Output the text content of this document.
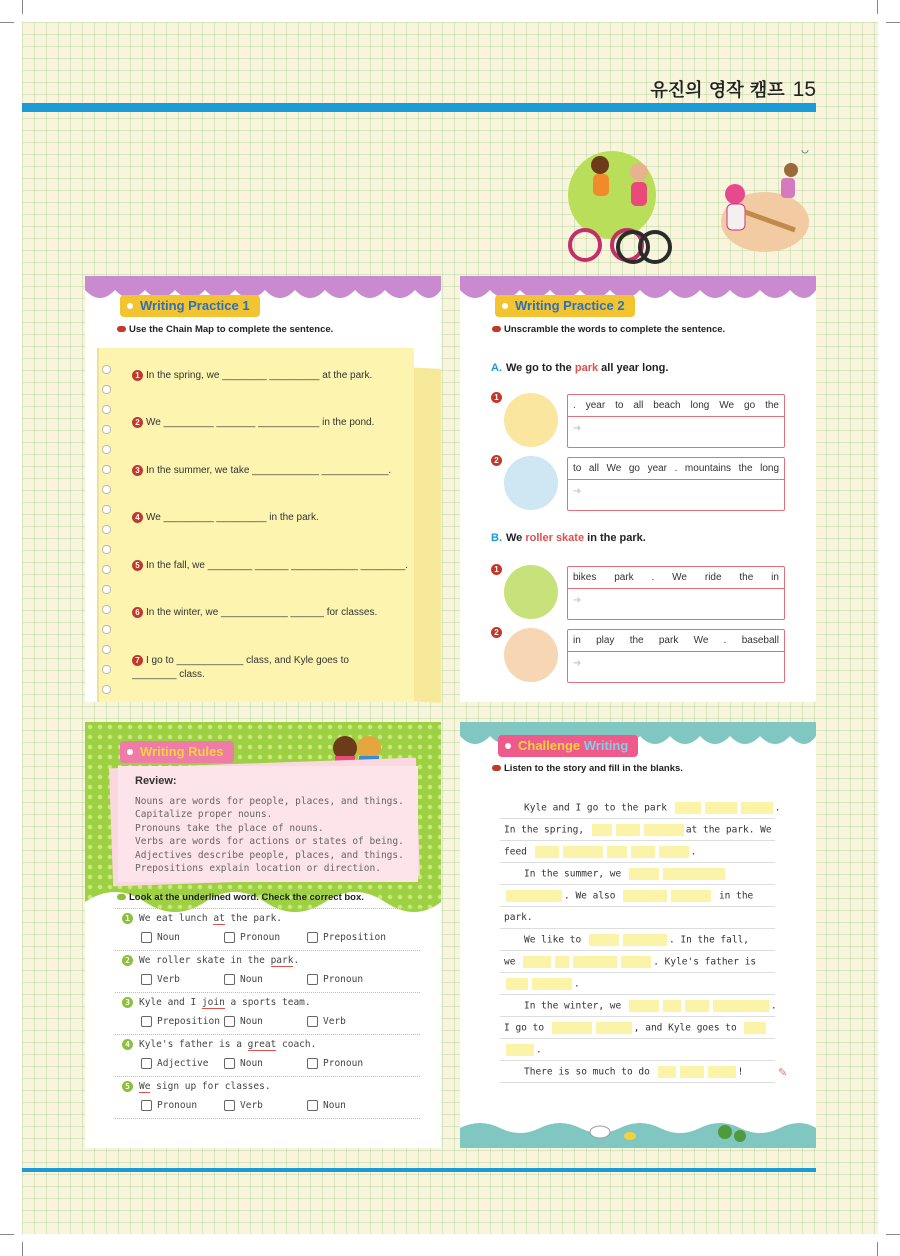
유진의 영작 캠프 15
Writing Practice 1
Use the Chain Map to complete the sentence.
1 In the spring, we ________ _________ at the park.
2 We _________ _______ ___________ in the pond.
3 In the summer, we take ____________ ____________.
4 We _________ _________ in the park.
5 In the fall, we ________ ______ ____________ ________.
6 In the winter, we ____________ ______ for classes.
7 I go to ____________ class, and Kyle goes to ________ class.
Writing Practice 2
Unscramble the words to complete the sentence.
A. We go to the park all year long.
B. We roller skate in the park.
1
2
1
2
. year to all beach long We go the
➜
to all We go year . mountains the long
➜
bikes park . We ride the in
➜
in play the park We . baseball
➜
Writing Rules
Review:
Nouns are words for people, places, and things.
Capitalize proper nouns.
Pronouns take the place of nouns.
Verbs are words for actions or states of being.
Adjectives describe people, places, and things.
Prepositions explain location or direction.
Look at the underlined word. Check the correct box.
1 We eat lunch at the park.
Noun	Pronoun	Preposition
2 We roller skate in the park.
Verb	Noun	Pronoun
3 Kyle and I join a sports team.
Preposition	Noun	Verb
4 Kyle's father is a great coach.
Adjective	Noun	Pronoun
5 We sign up for classes.
Pronoun	Verb	Noun
Challenge Writing
Listen to the story and fill in the blanks.
Kyle and I go to the park	.
In the spring,	at the park. We
feed	.
In the summer, we
. We also	in the
park.
We like to	. In the fall,
we	. Kyle's father is
.
In the winter, we	.
I go to	, and Kyle goes to
.
There is so much to do	!	✎
